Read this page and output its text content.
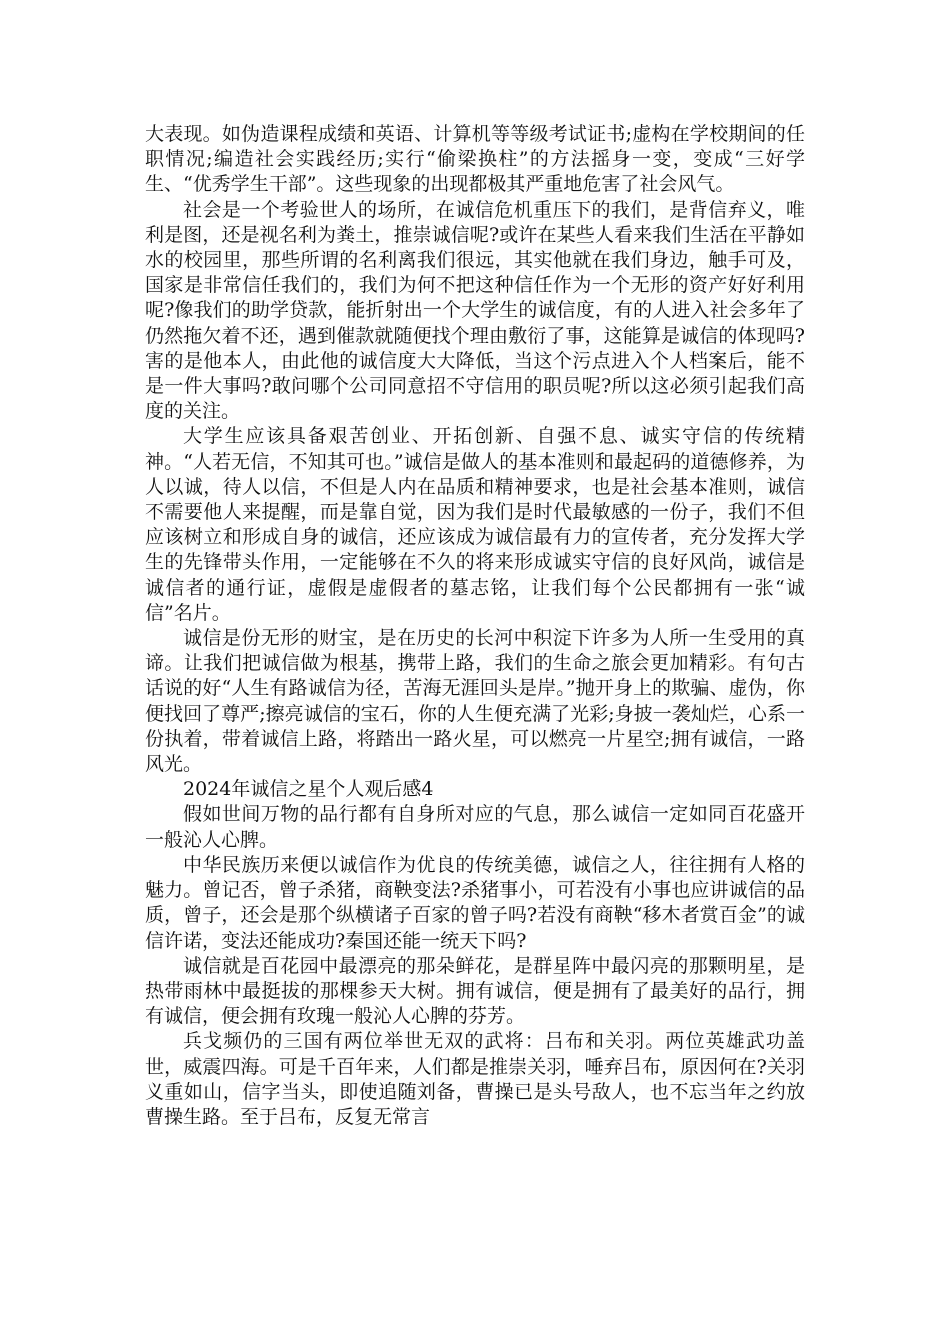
大表现。如伪造课程成绩和英语、计算机等等级考试证书;虚构在学校期间的任职情况;编造社会实践经历;实行“偷梁换柱”的方法摇身一变，变成“三好学生、“优秀学生干部”。这些现象的出现都极其严重地危害了社会风气。

社会是一个考验世人的场所，在诚信危机重压下的我们，是背信弃义，唯利是图，还是视名利为粪土，推崇诚信呢?或许在某些人看来我们生活在平静如水的校园里，那些所谓的名利离我们很远，其实他就在我们身边，触手可及，国家是非常信任我们的，我们为何不把这种信任作为一个无形的资产好好利用呢?像我们的助学贷款，能折射出一个大学生的诚信度，有的人进入社会多年了仍然拖欠着不还，遇到催款就随便找个理由敷衍了事，这能算是诚信的体现吗?害的是他本人，由此他的诚信度大大降低，当这个污点进入个人档案后，能不是一件大事吗?敢问哪个公司同意招不守信用的职员呢?所以这必须引起我们高度的关注。

大学生应该具备艰苦创业、开拓创新、自强不息、诚实守信的传统精神。“人若无信，不知其可也。”诚信是做人的基本准则和最起码的道德修养，为人以诚，待人以信，不但是人内在品质和精神要求，也是社会基本准则，诚信不需要他人来提醒，而是靠自觉，因为我们是时代最敏感的一份子，我们不但应该树立和形成自身的诚信，还应该成为诚信最有力的宣传者，充分发挥大学生的先锋带头作用，一定能够在不久的将来形成诚实守信的良好风尚，诚信是诚信者的通行证，虚假是虚假者的墓志铭，让我们每个公民都拥有一张“诚信”名片。

诚信是份无形的财宝，是在历史的长河中积淀下许多为人所一生受用的真谛。让我们把诚信做为根基，携带上路，我们的生命之旅会更加精彩。有句古话说的好“人生有路诚信为径，苦海无涯回头是岸。”抛开身上的欺骗、虚伪，你便找回了尊严;擦亮诚信的宝石，你的人生便充满了光彩;身披一袭灿烂，心系一份执着，带着诚信上路，将踏出一路火星，可以燃亮一片星空;拥有诚信，一路风光。

2024年诚信之星个人观后感4

假如世间万物的品行都有自身所对应的气息，那么诚信一定如同百花盛开一般沁人心脾。

中华民族历来便以诚信作为优良的传统美德，诚信之人，往往拥有人格的魅力。曾记否，曾子杀猪，商鞅变法?杀猪事小，可若没有小事也应讲诚信的品质，曾子，还会是那个纵横诸子百家的曾子吗?若没有商鞅“移木者赏百金”的诚信许诺，变法还能成功?秦国还能一统天下吗?

诚信就是百花园中最漂亮的那朵鲜花，是群星阵中最闪亮的那颗明星，是热带雨林中最挺拔的那棵参天大树。拥有诚信，便是拥有了最美好的品行，拥有诚信，便会拥有玫瑰一般沁人心脾的芬芳。

兵戈频仍的三国有两位举世无双的武将：吕布和关羽。两位英雄武功盖世，威震四海。可是千百年来，人们都是推崇关羽，唾弃吕布，原因何在?关羽义重如山，信字当头，即使追随刘备，曹操已是头号敌人，也不忘当年之约放曹操生路。至于吕布，反复无常言
